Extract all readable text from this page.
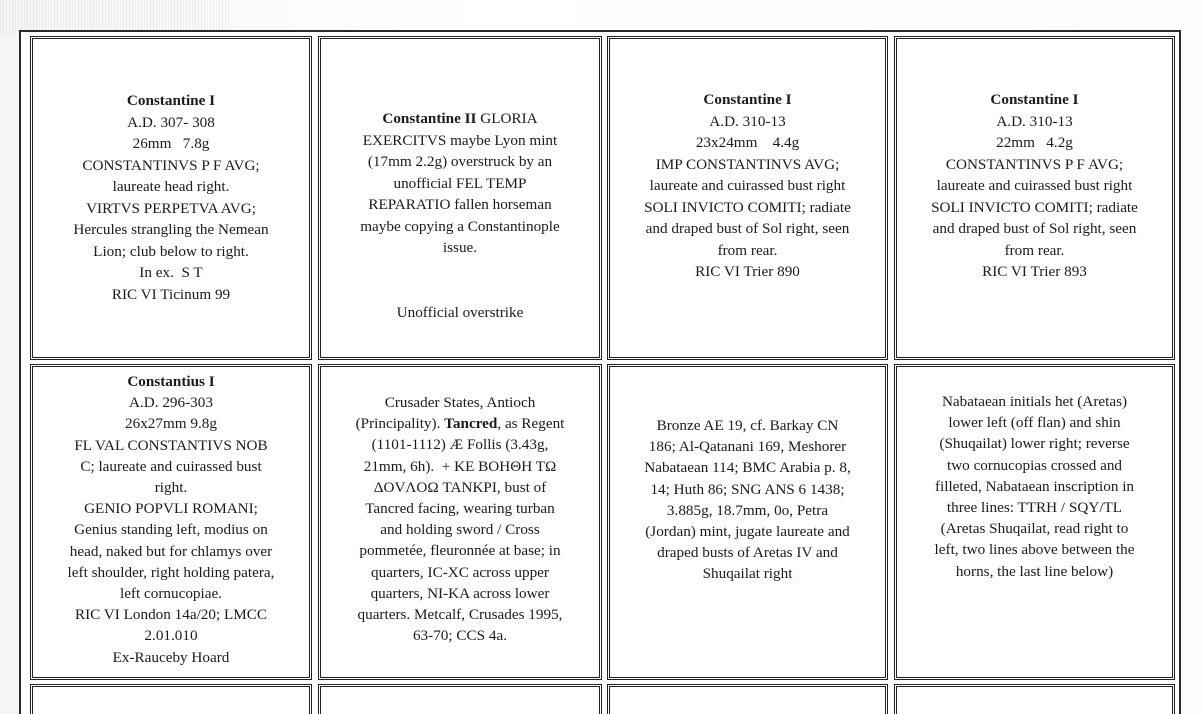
Constantine I
A.D. 307- 308
26mm   7.8g
CONSTANTINVS P F AVG;
laureate head right.
VIRTVS PERPETVA AVG;
Hercules strangling the Nemean
Lion; club below to right.
In ex.  S T
RIC VI Ticinum 99
Constantine II GLORIA
EXERCITVS maybe Lyon mint
(17mm 2.2g) overstruck by an
unofficial FEL TEMP
REPARATIO fallen horseman
maybe copying a Constantinople
issue.
Unofficial overstrike
Constantine I
A.D. 310-13
23x24mm    4.4g
IMP CONSTANTINVS AVG;
laureate and cuirassed bust right
SOLI INVICTO COMITI; radiate
and draped bust of Sol right, seen
from rear.
RIC VI Trier 890
Constantine I
A.D. 310-13
22mm   4.2g
CONSTANTINVS P F AVG;
laureate and cuirassed bust right
SOLI INVICTO COMITI; radiate
and draped bust of Sol right, seen
from rear.
RIC VI Trier 893
Constantius I
A.D. 296-303
26x27mm 9.8g
FL VAL CONSTANTIVS NOB
C; laureate and cuirassed bust
right.
GENIO POPVLI ROMANI;
Genius standing left, modius on
head, naked but for chlamys over
left shoulder, right holding patera,
left cornucopiae.
RIC VI London 14a/20; LMCC
2.01.010
Ex-Rauceby Hoard
Crusader States, Antioch
(Principality). Tancred, as Regent
(1101-1112) Æ Follis (3.43g,
21mm, 6h).  + KE BOHΘH TΩ
ΔOVΛOΩ TANKPI, bust of
Tancred facing, wearing turban
and holding sword / Cross
pommetée, fleuronnée at base; in
quarters, IC-XC across upper
quarters, NI-KA across lower
quarters. Metcalf, Crusades 1995,
63-70; CCS 4a.
Bronze AE 19, cf. Barkay CN
186; Al-Qatanani 169, Meshorer
Nabataean 114; BMC Arabia p. 8,
14; Huth 86; SNG ANS 6 1438;
3.885g, 18.7mm, 0o, Petra
(Jordan) mint, jugate laureate and
draped busts of Aretas IV and
Shuqailat right
Nabataean initials het (Aretas)
lower left (off flan) and shin
(Shuqailat) lower right; reverse
two cornucopias crossed and
filleted, Nabataean inscription in
three lines: TTRH / SQY/TL
(Aretas Shuqailat, read right to
left, two lines above between the
horns, the last line below)
